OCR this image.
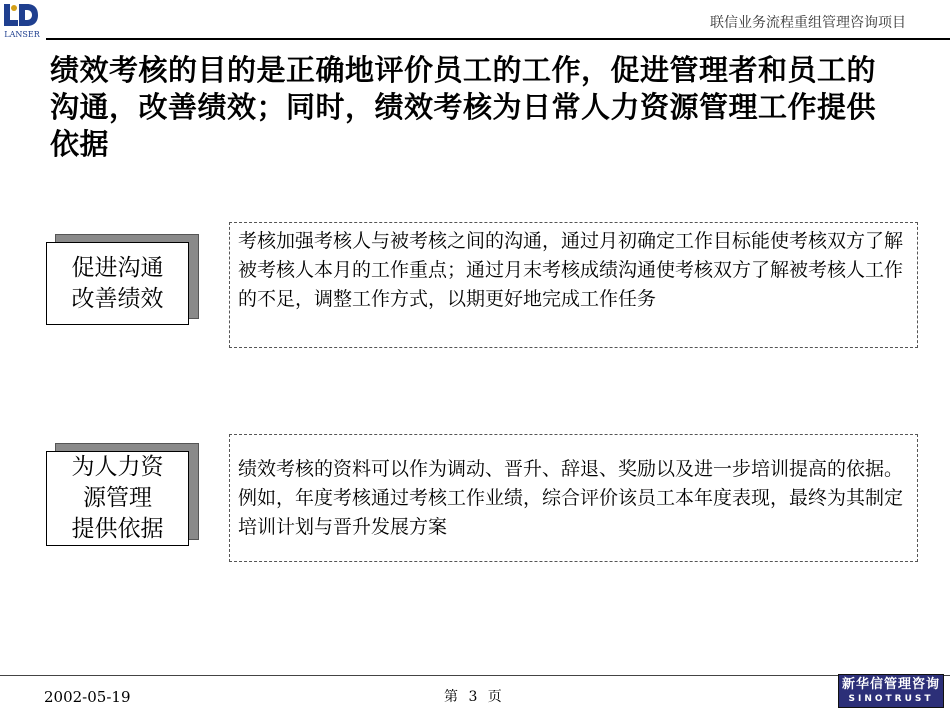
LANSER
联信业务流程重组管理咨询项目
绩效考核的目的是正确地评价员工的工作，促进管理者和员工的沟通，改善绩效；同时，绩效考核为日常人力资源管理工作提供依据
促进沟通
改善绩效
考核加强考核人与被考核之间的沟通，通过月初确定工作目标能使考核双方了解被考核人本月的工作重点；通过月末考核成绩沟通使考核双方了解被考核人工作的不足，调整工作方式，以期更好地完成工作任务
为人力资
源管理
提供依据
绩效考核的资料可以作为调动、晋升、辞退、奖励以及进一步培训提高的依据。例如，年度考核通过考核工作业绩，综合评价该员工本年度表现，最终为其制定培训计划与晋升发展方案
2002-05-19	第 3 页
新华信管理咨询
SINOTRUST
